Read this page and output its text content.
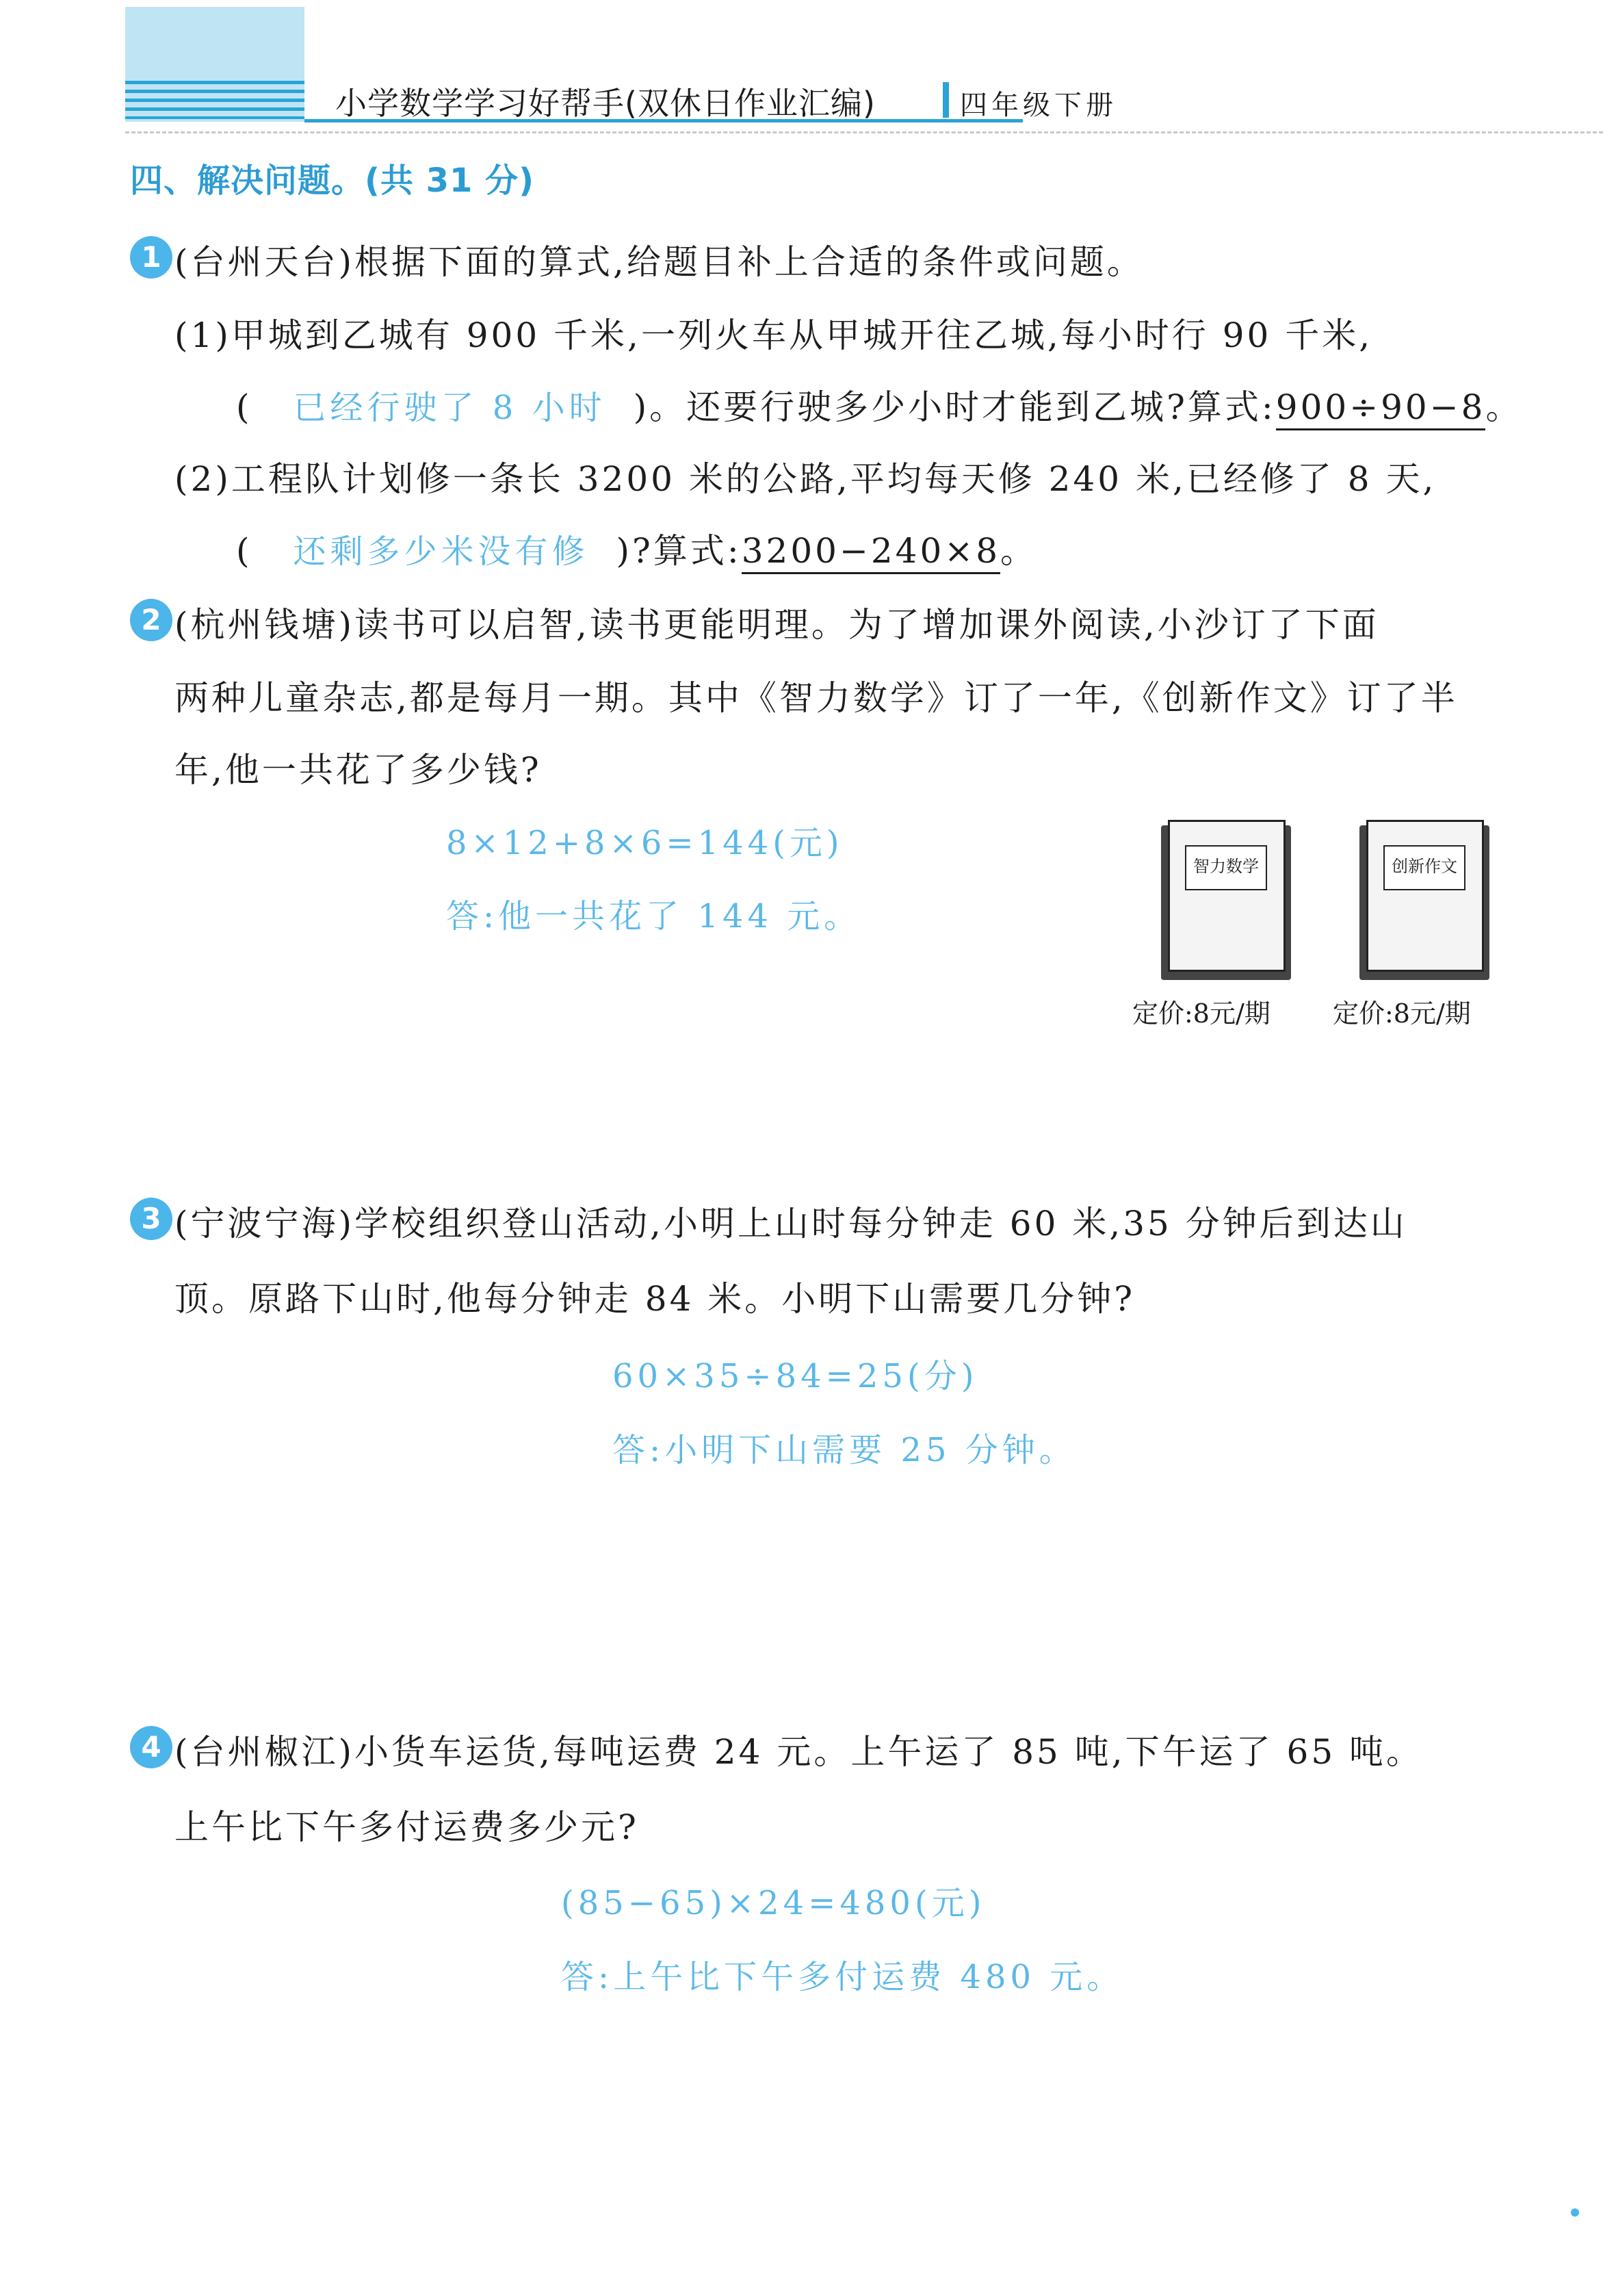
小学数学学习好帮手(双休日作业汇编)	四年级下册
四、解决问题。(共 31 分)
1 (台州天台)根据下面的算式,给题目补上合适的条件或问题。
(1)甲城到乙城有 900 千米,一列火车从甲城开往乙城,每小时行 90 千米,
( 已经行驶了 8 小时 )。还要行驶多少小时才能到乙城?算式:900÷90−8。
(2)工程队计划修一条长 3200 米的公路,平均每天修 240 米,已经修了 8 天,
( 还剩多少米没有修 )?算式:3200−240×8。
2 (杭州钱塘)读书可以启智,读书更能明理。为了增加课外阅读,小沙订了下面
两种儿童杂志,都是每月一期。其中《智力数学》订了一年,《创新作文》订了半
年,他一共花了多少钱?
8×12+8×6=144(元)
答:他一共花了 144 元。
智力数学	创新作文
定价:8元/期 定价:8元/期
3 (宁波宁海)学校组织登山活动,小明上山时每分钟走 60 米,35 分钟后到达山
顶。原路下山时,他每分钟走 84 米。小明下山需要几分钟?
60×35÷84=25(分)
答:小明下山需要 25 分钟。
4 (台州椒江)小货车运货,每吨运费 24 元。上午运了 85 吨,下午运了 65 吨。
上午比下午多付运费多少元?
(85−65)×24=480(元)
答:上午比下午多付运费 480 元。
